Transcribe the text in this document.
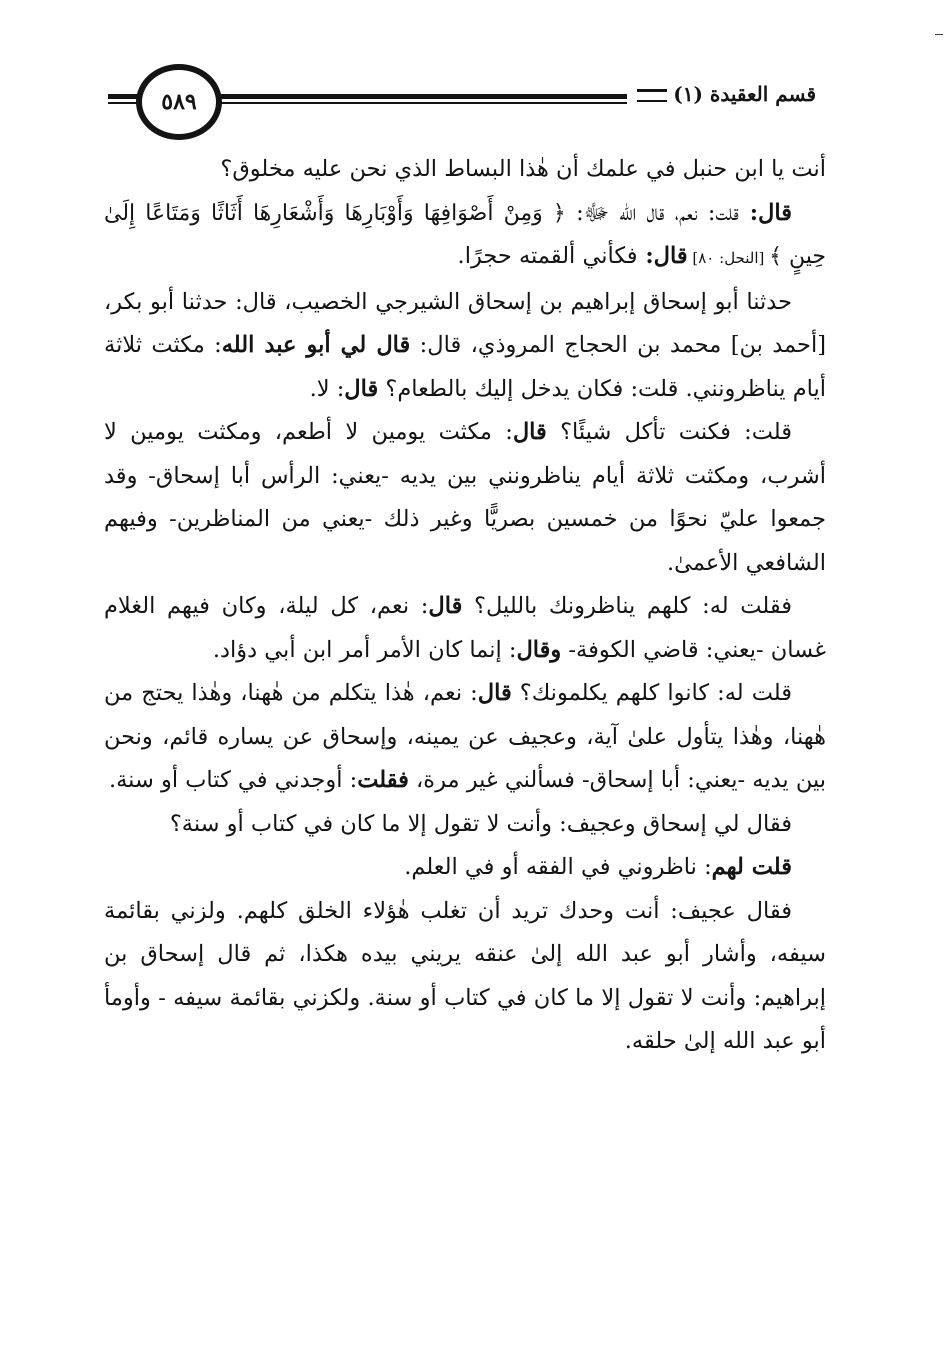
٥٨٩	قسم العقيدة (١)

أنت يا ابن حنبل في علمك أن هٰذا البساط الذي نحن عليه مخلوق؟

قال: قلت: نعم، قال الله ﷻ: ﴿ وَمِنْ أَصْوَافِهَا وَأَوْبَارِهَا وَأَشْعَارِهَا أَثَاثًا وَمَتَاعًا إِلَىٰ حِينٍ ﴾ [النحل: ٨٠] قال: فكأني ألقمته حجرًا.

حدثنا أبو إسحاق إبراهيم بن إسحاق الشيرجي الخصيب، قال: حدثنا أبو بكر، [أحمد بن] محمد بن الحجاج المروذي، قال: قال لي أبو عبد الله: مكثت ثلاثة أيام يناظرونني. قلت: فكان يدخل إليك بالطعام؟ قال: لا.

قلت: فكنت تأكل شيئًا؟ قال: مكثت يومين لا أطعم، ومكثت يومين لا أشرب، ومكثت ثلاثة أيام يناظرونني بين يديه -يعني: الرأس أبا إسحاق- وقد جمعوا عليّ نحوًا من خمسين بصريًّا وغير ذلك -يعني من المناظرين- وفيهم الشافعي الأعمىٰ.

فقلت له: كلهم يناظرونك بالليل؟ قال: نعم، كل ليلة، وكان فيهم الغلام غسان -يعني: قاضي الكوفة- وقال: إنما كان الأمر أمر ابن أبي دؤاد.

قلت له: كانوا كلهم يكلمونك؟ قال: نعم، هٰذا يتكلم من هٰهنا، وهٰذا يحتج من هٰهنا، وهٰذا يتأول علىٰ آية، وعجيف عن يمينه، وإسحاق عن يساره قائم، ونحن بين يديه -يعني: أبا إسحاق- فسألني غير مرة، فقلت: أوجدني في كتاب أو سنة.

فقال لي إسحاق وعجيف: وأنت لا تقول إلا ما كان في كتاب أو سنة؟

قلت لهم: ناظروني في الفقه أو في العلم.

فقال عجيف: أنت وحدك تريد أن تغلب هٰؤلاء الخلق كلهم. ولزني بقائمة سيفه، وأشار أبو عبد الله إلىٰ عنقه يريني بيده هكذا، ثم قال إسحاق بن إبراهيم: وأنت لا تقول إلا ما كان في كتاب أو سنة. ولكزني بقائمة سيفه - وأومأ أبو عبد الله إلىٰ حلقه.
